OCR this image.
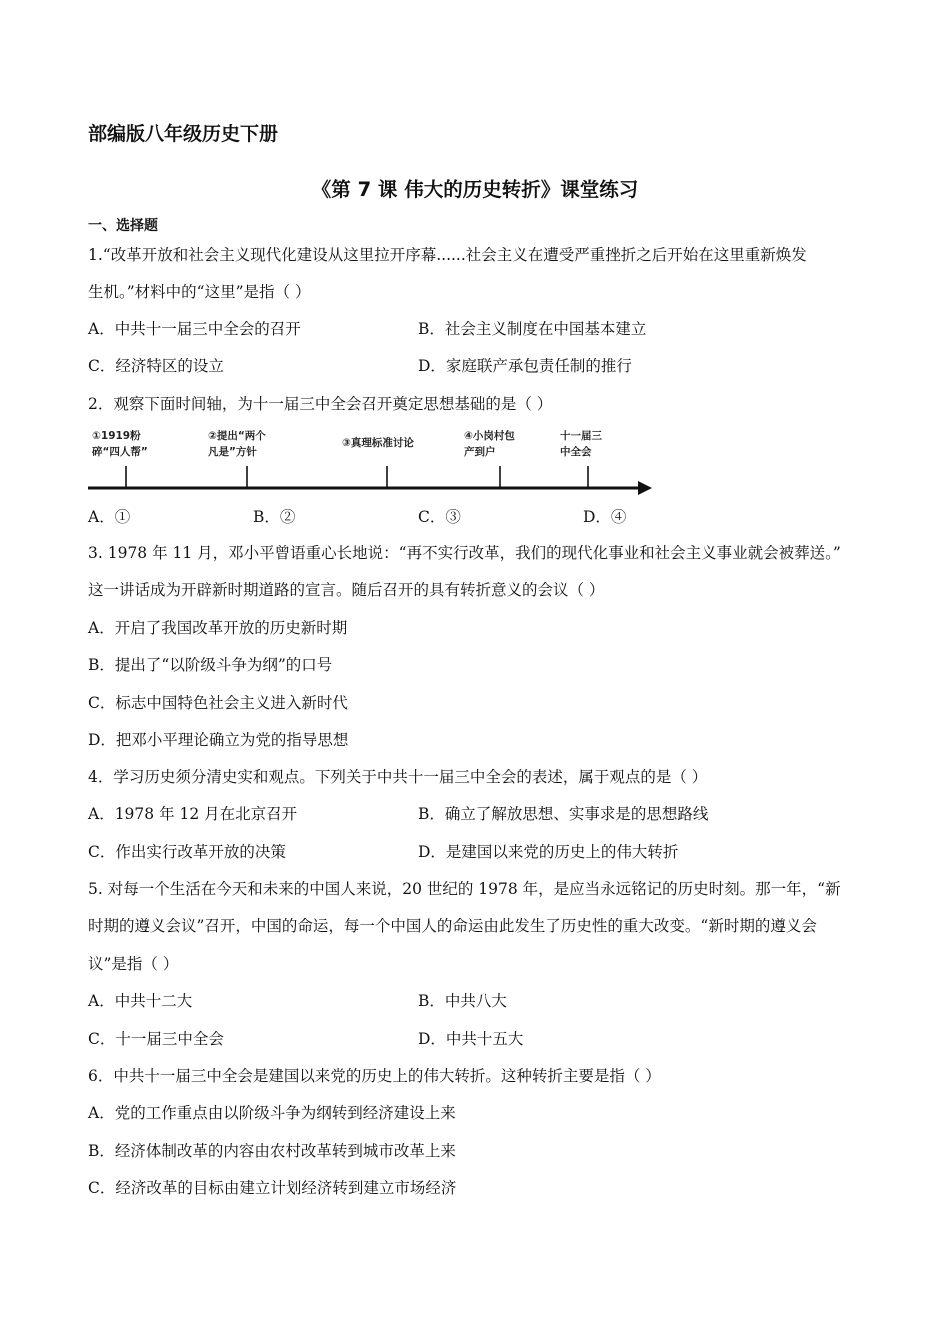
部编版八年级历史下册
《第 7 课 伟大的历史转折》课堂练习
一、选择题
1.“改革开放和社会主义现代化建设从这里拉开序幕......社会主义在遭受严重挫折之后开始在这里重新焕发
生机。”材料中的“这里”是指（ ）
A．中共十一届三中全会的召开	B．社会主义制度在中国基本建立
C．经济特区的设立	D．家庭联产承包责任制的推行
2．观察下面时间轴，为十一届三中全会召开奠定思想基础的是（ ）
①1919粉
碎“四人帮”
②提出“两个
凡是”方针
③真理标准讨论
④小岗村包
产到户
十一届三
中全会
A．①	B．②	C．③	D．④
3. 1978 年 11 月，邓小平曾语重心长地说：“再不实行改革，我们的现代化事业和社会主义事业就会被葬送。”
这一讲话成为开辟新时期道路的宣言。随后召开的具有转折意义的会议（ ）
A．开启了我国改革开放的历史新时期
B．提出了“以阶级斗争为纲”的口号
C．标志中国特色社会主义进入新时代
D．把邓小平理论确立为党的指导思想
4．学习历史须分清史实和观点。下列关于中共十一届三中全会的表述，属于观点的是（ ）
A．1978 年 12 月在北京召开	B．确立了解放思想、实事求是的思想路线
C．作出实行改革开放的决策	D．是建国以来党的历史上的伟大转折
5. 对每一个生活在今天和未来的中国人来说，20 世纪的 1978 年，是应当永远铭记的历史时刻。那一年，“新
时期的遵义会议”召开，中国的命运，每一个中国人的命运由此发生了历史性的重大改变。“新时期的遵义会
议”是指（ ）
A．中共十二大	B．中共八大
C．十一届三中全会	D．中共十五大
6．中共十一届三中全会是建国以来党的历史上的伟大转折。这种转折主要是指（ ）
A．党的工作重点由以阶级斗争为纲转到经济建设上来
B．经济体制改革的内容由农村改革转到城市改革上来
C．经济改革的目标由建立计划经济转到建立市场经济
